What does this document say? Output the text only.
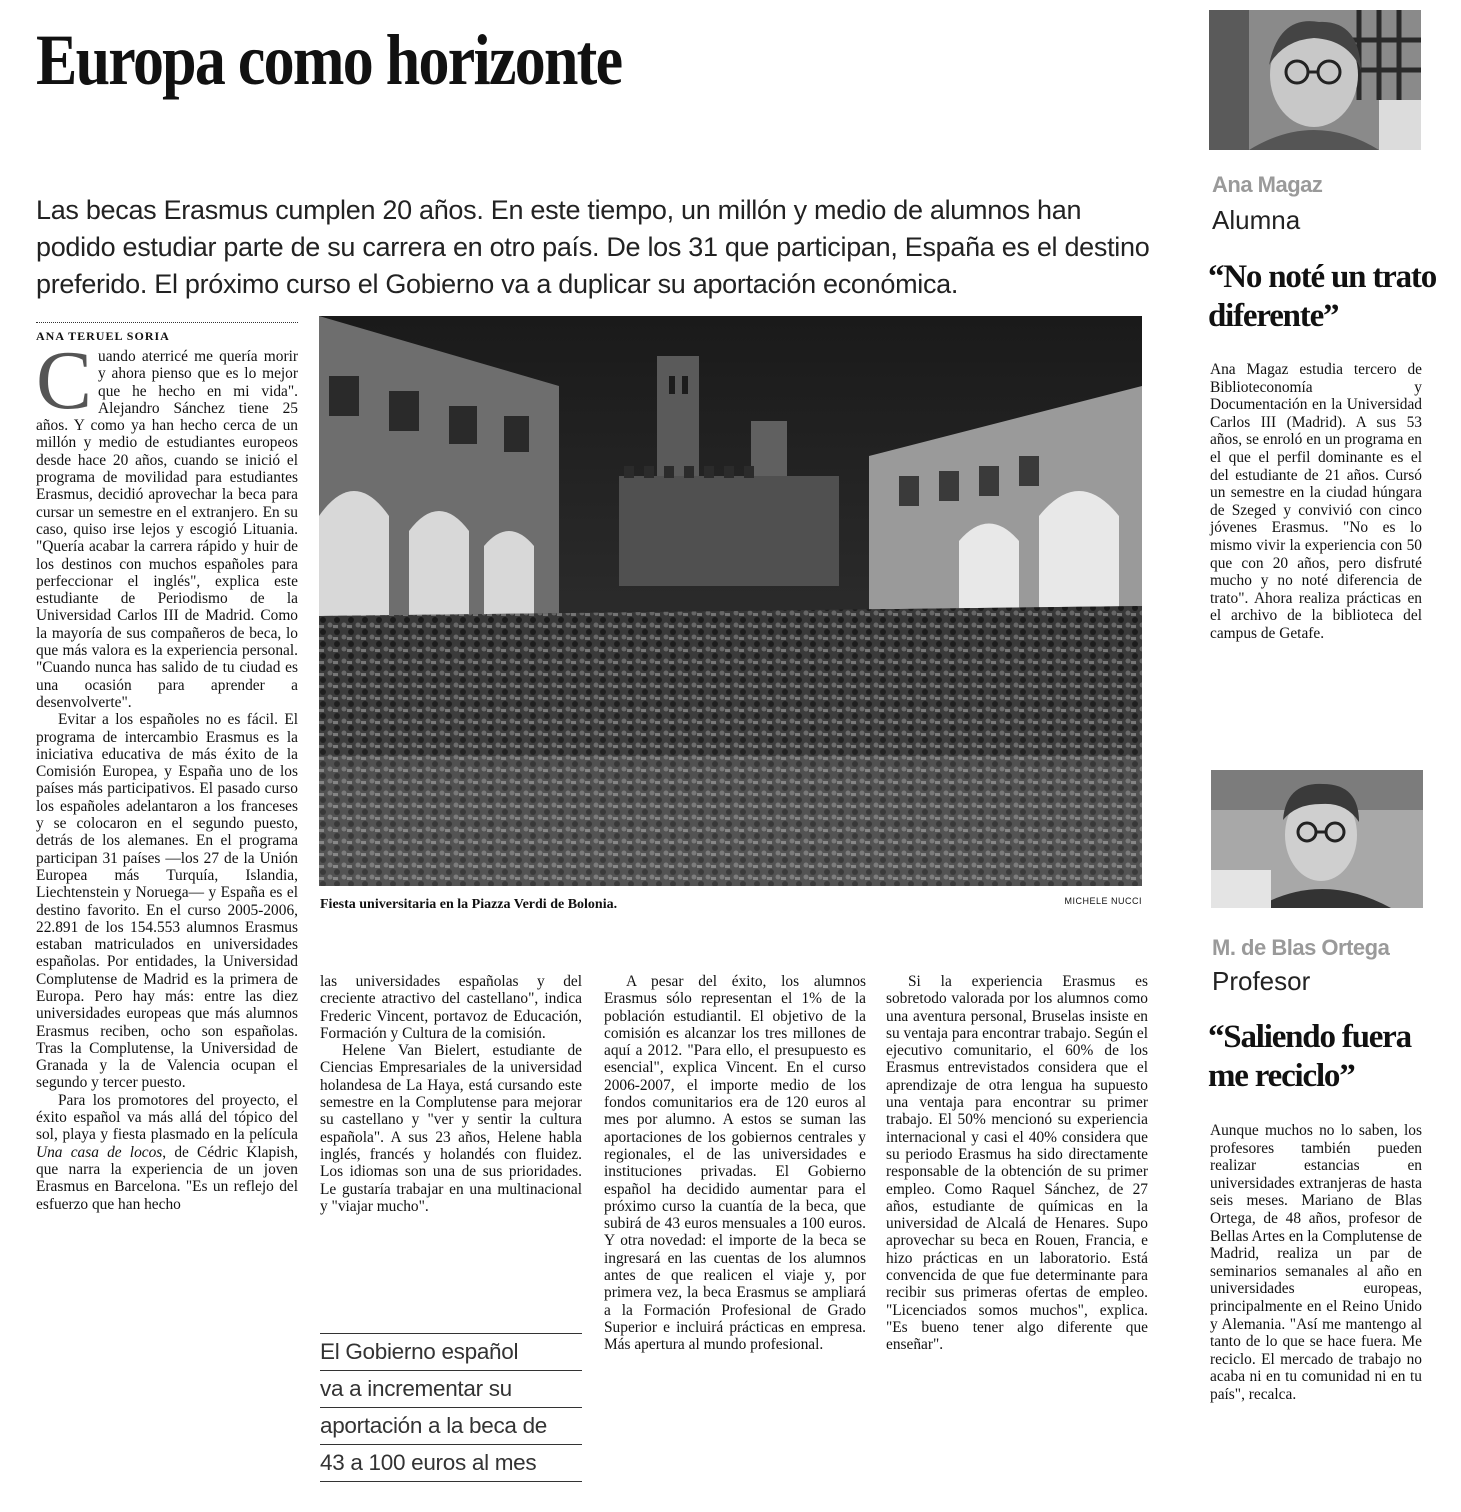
Europa como horizonte

Las becas Erasmus cumplen 20 años. En este tiempo, un millón y medio de alumnos han podido estudiar parte de su carrera en otro país. De los 31 que participan, España es el destino preferido. El próximo curso el Gobierno va a duplicar su aportación económica.

ANA TERUEL SORIA

Cuando aterricé me quería morir y ahora pienso que es lo mejor que he hecho en mi vida". Alejandro Sánchez tiene 25 años. Y como ya han hecho cerca de un millón y medio de estudiantes europeos desde hace 20 años, cuando se inició el programa de movilidad para estudiantes Erasmus, decidió aprovechar la beca para cursar un semestre en el extranjero. En su caso, quiso irse lejos y escogió Lituania. "Quería acabar la carrera rápido y huir de los destinos con muchos españoles para perfeccionar el inglés", explica este estudiante de Periodismo de la Universidad Carlos III de Madrid. Como la mayoría de sus compañeros de beca, lo que más valora es la experiencia personal. "Cuando nunca has salido de tu ciudad es una ocasión para aprender a desenvolverte".

Evitar a los españoles no es fácil. El programa de intercambio Erasmus es la iniciativa educativa de más éxito de la Comisión Europea, y España uno de los países más participativos. El pasado curso los españoles adelantaron a los franceses y se colocaron en el segundo puesto, detrás de los alemanes. En el programa participan 31 países —los 27 de la Unión Europea más Turquía, Islandia, Liechtenstein y Noruega— y España es el destino favorito. En el curso 2005-2006, 22.891 de los 154.553 alumnos Erasmus estaban matriculados en universidades españolas. Por entidades, la Universidad Complutense de Madrid es la primera de Europa. Pero hay más: entre las diez universidades europeas que más alumnos Erasmus reciben, ocho son españolas. Tras la Complutense, la Universidad de Granada y la de Valencia ocupan el segundo y tercer puesto.

Para los promotores del proyecto, el éxito español va más allá del tópico del sol, playa y fiesta plasmado en la película Una casa de locos, de Cédric Klapish, que narra la experiencia de un joven Erasmus en Barcelona. "Es un reflejo del esfuerzo que han hecho

Fiesta universitaria en la Piazza Verdi de Bolonia.	MICHELE NUCCI

las universidades españolas y del creciente atractivo del castellano", indica Frederic Vincent, portavoz de Educación, Formación y Cultura de la comisión.

Helene Van Bielert, estudiante de Ciencias Empresariales de la universidad holandesa de La Haya, está cursando este semestre en la Complutense para mejorar su castellano y "ver y sentir la cultura española". A sus 23 años, Helene habla inglés, francés y holandés con fluidez. Los idiomas son una de sus prioridades. Le gustaría trabajar en una multinacional y "viajar mucho".

El Gobierno español
va a incrementar su
aportación a la beca de
43 a 100 euros al mes

A pesar del éxito, los alumnos Erasmus sólo representan el 1% de la población estudiantil. El objetivo de la comisión es alcanzar los tres millones de aquí a 2012. "Para ello, el presupuesto es esencial", explica Vincent. En el curso 2006-2007, el importe medio de los fondos comunitarios era de 120 euros al mes por alumno. A estos se suman las aportaciones de los gobiernos centrales y regionales, el de las universidades e instituciones privadas. El Gobierno español ha decidido aumentar para el próximo curso la cuantía de la beca, que subirá de 43 euros mensuales a 100 euros. Y otra novedad: el importe de la beca se ingresará en las cuentas de los alumnos antes de que realicen el viaje y, por primera vez, la beca Erasmus se ampliará a la Formación Profesional de Grado Superior e incluirá prácticas en empresa. Más apertura al mundo profesional.

Si la experiencia Erasmus es sobretodo valorada por los alumnos como una aventura personal, Bruselas insiste en su ventaja para encontrar trabajo. Según el ejecutivo comunitario, el 60% de los Erasmus entrevistados considera que el aprendizaje de otra lengua ha supuesto una ventaja para encontrar su primer trabajo. El 50% mencionó su experiencia internacional y casi el 40% considera que su periodo Erasmus ha sido directamente responsable de la obtención de su primer empleo. Como Raquel Sánchez, de 27 años, estudiante de químicas en la universidad de Alcalá de Henares. Supo aprovechar su beca en Rouen, Francia, e hizo prácticas en un laboratorio. Está convencida de que fue determinante para recibir sus primeras ofertas de empleo. "Licenciados somos muchos", explica. "Es bueno tener algo diferente que enseñar".

Ana Magaz
Alumna
“No noté un trato diferente”

Ana Magaz estudia tercero de Biblioteconomía y Documentación en la Universidad Carlos III (Madrid). A sus 53 años, se enroló en un programa en el que el perfil dominante es el del estudiante de 21 años. Cursó un semestre en la ciudad húngara de Szeged y convivió con cinco jóvenes Erasmus. "No es lo mismo vivir la experiencia con 50 que con 20 años, pero disfruté mucho y no noté diferencia de trato". Ahora realiza prácticas en el archivo de la biblioteca del campus de Getafe.

M. de Blas Ortega
Profesor
“Saliendo fuera me reciclo”

Aunque muchos no lo saben, los profesores también pueden realizar estancias en universidades extranjeras de hasta seis meses. Mariano de Blas Ortega, de 48 años, profesor de Bellas Artes en la Complutense de Madrid, realiza un par de seminarios semanales al año en universidades europeas, principalmente en el Reino Unido y Alemania. "Así me mantengo al tanto de lo que se hace fuera. Me reciclo. El mercado de trabajo no acaba ni en tu comunidad ni en tu país", recalca.
